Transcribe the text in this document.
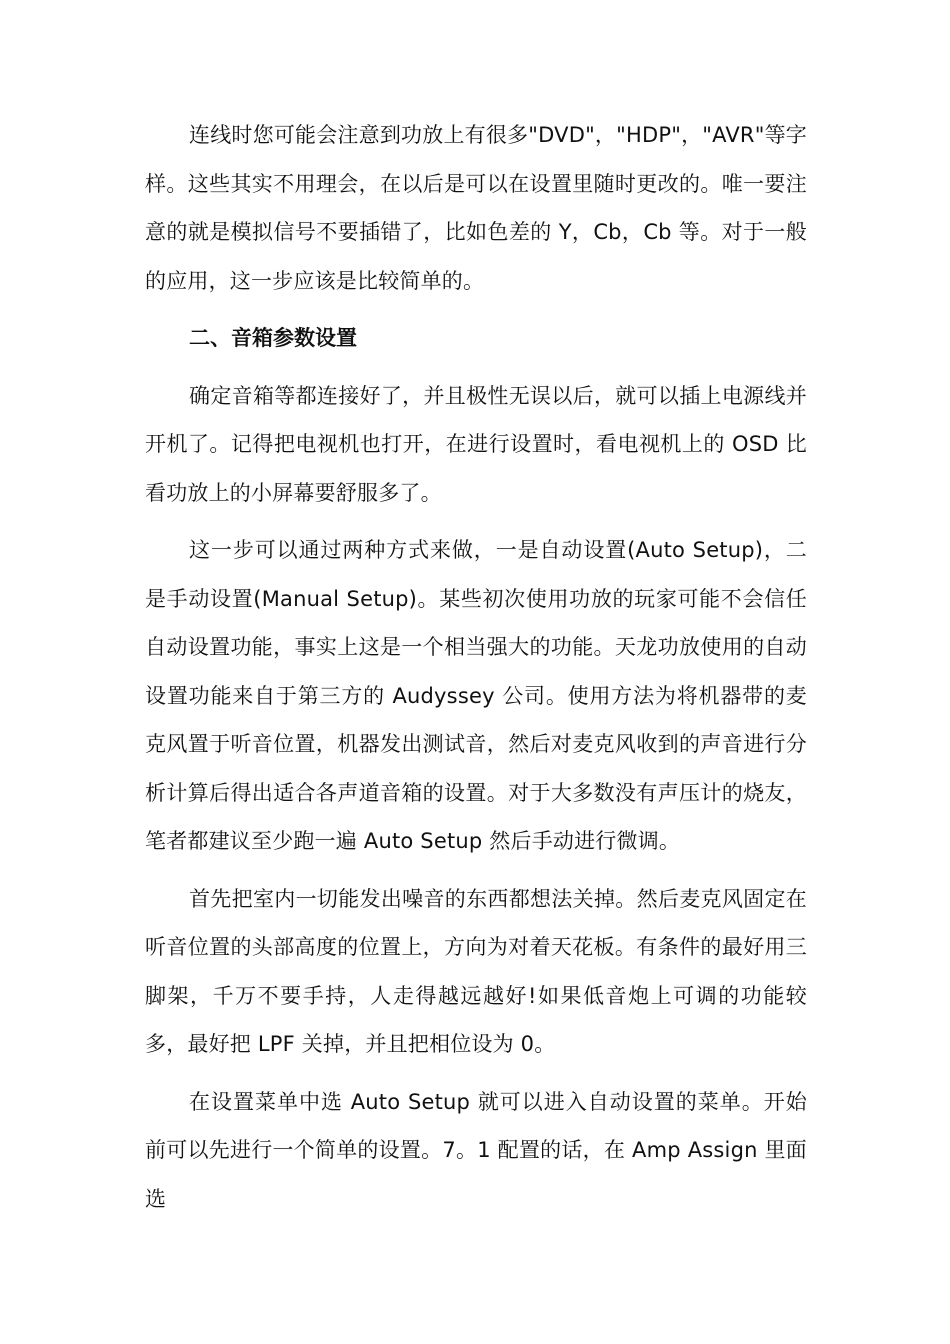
连线时您可能会注意到功放上有很多"DVD"，"HDP"，"AVR"等字样。这些其实不用理会，在以后是可以在设置里随时更改的。唯一要注意的就是模拟信号不要插错了，比如色差的 Y，Cb，Cb 等。对于一般的应用，这一步应该是比较简单的。

二、音箱参数设置

确定音箱等都连接好了，并且极性无误以后，就可以插上电源线并开机了。记得把电视机也打开，在进行设置时，看电视机上的 OSD 比看功放上的小屏幕要舒服多了。

这一步可以通过两种方式来做，一是自动设置(Auto Setup)，二是手动设置(Manual Setup)。某些初次使用功放的玩家可能不会信任自动设置功能，事实上这是一个相当强大的功能。天龙功放使用的自动设置功能来自于第三方的 Audyssey 公司。使用方法为将机器带的麦克风置于听音位置，机器发出测试音，然后对麦克风收到的声音进行分析计算后得出适合各声道音箱的设置。对于大多数没有声压计的烧友，笔者都建议至少跑一遍 Auto Setup 然后手动进行微调。

首先把室内一切能发出噪音的东西都想法关掉。然后麦克风固定在听音位置的头部高度的位置上，方向为对着天花板。有条件的最好用三脚架，千万不要手持，人走得越远越好!如果低音炮上可调的功能较多，最好把 LPF 关掉，并且把相位设为 0。

在设置菜单中选 Auto Setup 就可以进入自动设置的菜单。开始前可以先进行一个简单的设置。7。1 配置的话，在 Amp Assign 里面选
